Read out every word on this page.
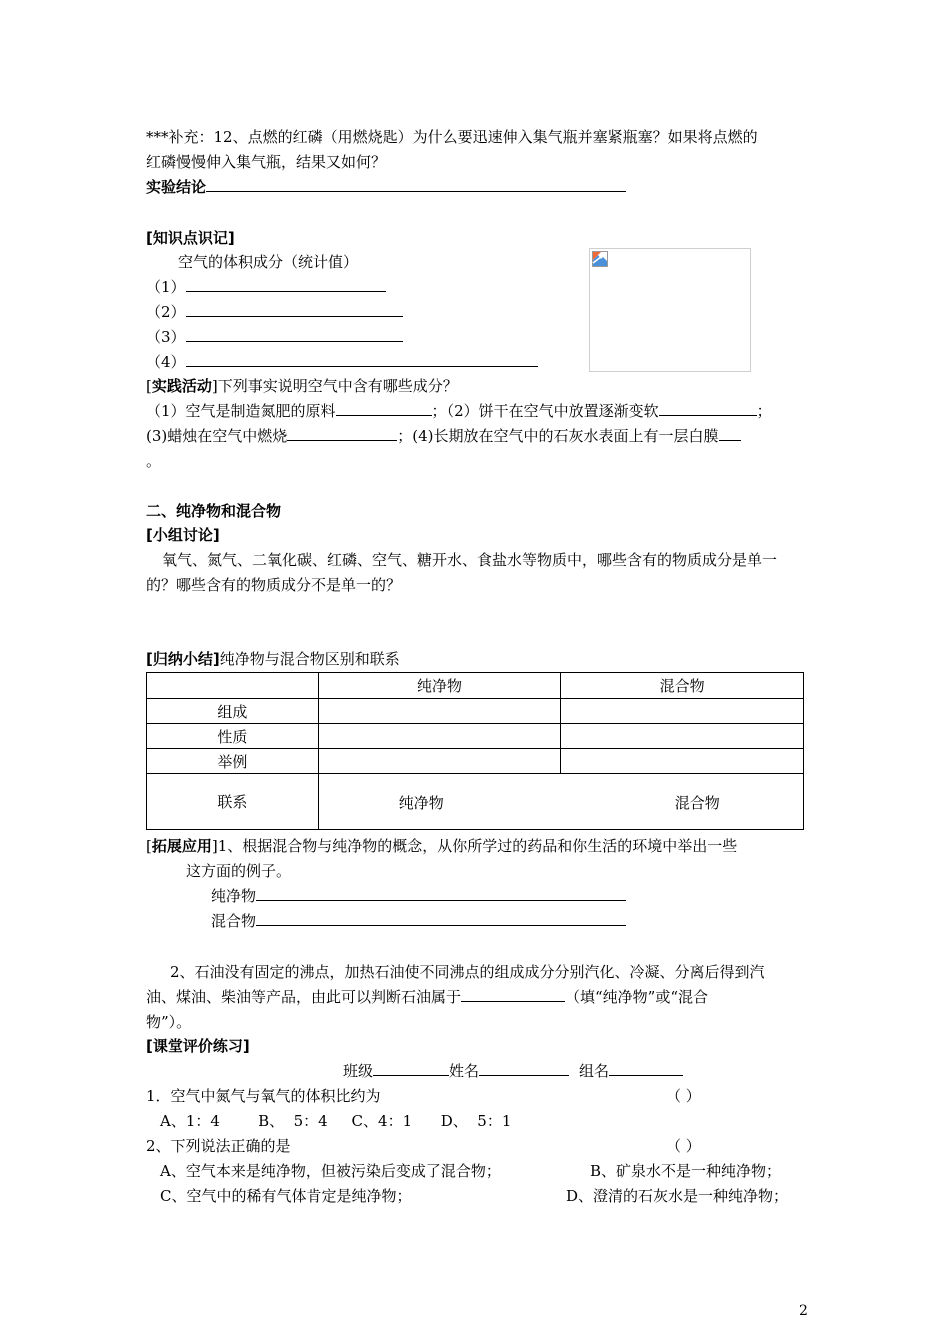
***补充：12、点燃的红磷（用燃烧匙）为什么要迅速伸入集气瓶并塞紧瓶塞？如果将点燃的
红磷慢慢伸入集气瓶，结果又如何？
实验结论
[知识点识记]
空气的体积成分（统计值）
（1）
（2）
（3）
（4）
[实践活动]下列事实说明空气中含有哪些成分？
（1）空气是制造氮肥的原料	；（2）饼干在空气中放置逐渐变软	；
(3)蜡烛在空气中燃烧	；(4)长期放在空气中的石灰水表面上有一层白膜
。
二、纯净物和混合物
[小组讨论]
氧气、氮气、二氧化碳、红磷、空气、糖开水、食盐水等物质中，哪些含有的物质成分是单一
的？哪些含有的物质成分不是单一的？
[归纳小结]纯净物与混合物区别和联系
	纯净物	混合物
组成		
性质		
举例		
联系	纯净物 混合物	
[拓展应用]1、根据混合物与纯净物的概念，从你所学过的药品和你生活的环境中举出一些
这方面的例子。
纯净物
混合物
2、石油没有固定的沸点，加热石油使不同沸点的组成成分分别汽化、冷凝、分离后得到汽
油、煤油、柴油等产品，由此可以判断石油属于	（填“纯净物”或“混合
物”）。
[课堂评价练习]
班级	姓名	组名
1．空气中氮气与氧气的体积比约为	（ ）
A、1：4        B、  5：4     C、4：1      D、  5：1
2、下列说法正确的是	（ ）
A、空气本来是纯净物，但被污染后变成了混合物；	B、矿泉水不是一种纯净物；
C、空气中的稀有气体肯定是纯净物；	D、澄清的石灰水是一种纯净物；
2
